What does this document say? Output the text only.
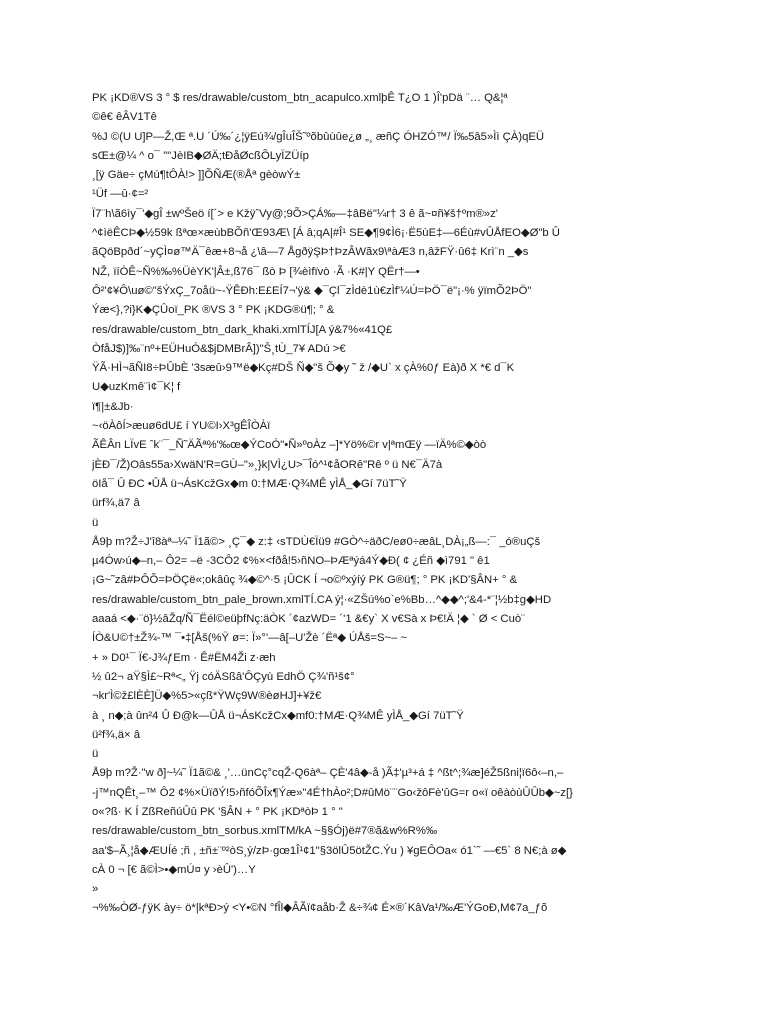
PK ¡KD®VS 3 ° $ res/drawable/custom_btn_acapulco.xmlþÊ T¿O 1 )Î'pDä ¨… Q&¦ª
©ê€ êÂV1Tê
%J ©(U U]P—Ž,Œ ª.U ´Ú‰´¿¦ÿEú¾/gÎuÎŠ˜ºõbûùûe¿ø „¸ æñÇ ÓHZÓ™/ Ï‰5â5»Ìì ÇÀ)qEÜ
sŒ±@¼ ^ o¯ ""JèIB◆ØÄ;tÐåØcßÕLyÏZÜíp
¸[ÿ Gäe÷ çMú¶tÔÀ!> ]]ÕÑÆ(®Åª gèòwÝ±
¹Üf —û·¢=²
Ï7¨h\ã6ìy¯'◆gÎ ±wºŠeö í[´> e KžÿˆVy@;9Õ>ÇÁ‰—‡âBë"¼r† 3 ê ã~¤ñ¥š†ºm®»z'
^¢ìëÊCÞ◆½59k ßªœ×æùbBÕñ'Œ93Æ\ [Á â;qA|#Î¹ SE◆¶9¢Ì6¡·Ë5ùE‡—6Éù#vÛÅfEO◆Ø"b Û
ãQöBpðd´~yÇÌ¤ø™Ä¯êæ+8¬å ¿\â—7 ÅgðÿŞÞ†ÞzÂWãx9\ªàÆ3 n,âžFŸ·û6‡ Krì¨n _◆s
NŽ, ïíÒÊ~Ñ%‰%ÜèYK'|Â±,ß76¯ ßò Þ [¾èìfïvò ·Ã ·K#|Y QËr†—•
Ô²'¢¥Ô\uø©"šÝxÇ_7oåü~-ŸÊÐh:E£EÍ7¬'ÿ& ◆¯Çl¯zÌdè1ù€zÌf'¼Ú=ÞÖ¯ë"¡·% ÿïmÕ2ÞÖ"
Ýæ<},?i}K◆ÇÛoï_PK ®VS 3 ° PK ¡KDG®ü¶; ° &
res/drawable/custom_btn_dark_khaki.xmlTÍJ[A ý&7%«41Q£
ÒfåJ$)]‰¨nº+EÜHuÓ&$jDMBrÂ])"Š¸tÙ_7¥ ADú >€
ŸÃ·HÌ¬ãÑI8÷ÞÛbÈ '3sæû›9™ë◆Kç#DŠ Ñ◆"š Õ◆y ˜ ž /◆U` x çÀ%0ƒ Eà)ð X *€ d¯K
U◆uzKmê¨ì¢¯K¦ f
ï¶|±&Jb·
~‹öÀôÍ>æuø6dU£ í YU©I›X³gÊÎÒÀï
ÃÊÂn LÏvE ˆk¨¯_Ñ˜ÄÃª%'‰œ◆ÝCoÓ"•Ñ»ºoÀz –]*Yö%©r v|ªmŒÿ —ïÄ%©◆òò
jÈÐ¯/Ž)Oâs55a›XwäN'R=GÙ–"»¸}k|VÌ¿U>¯Îó^¹¢åORê"Rê º ü N€¯Ä7à
öIå¯ Û ÐC •ÛÅ ü¬ÁsKcžGx◆m 0:†MÆ·Q¾MÊ yÌÅ_◆Gí 7üT˜Ÿ
ürf¾,ä7 â
ü
Å9þ m?Ž÷J'î8àª–¼˜ Ï1ã©> ¸Ç¯◆ z:‡ ‹sTDÙ€Ïü9 #GÒ^÷äðC/eø0÷æâL¸DÀ¡„ß—:¯ _ó®uÇš
µ4Ów›ú◆–n,– Ô2= –ë -3CÔ2 ¢%×<fðå!5›ñNO–ÞÆªýá4Ý◆Ð( ¢ ¿Éñ ◆ì791 " ê1
¡G~˜zâ#ÞÔÕ=ÞÖÇë«;okâûç ¾◆©^·5 ¡ÛCK Í ¬o©ºxýíý PK G®ü¶; ° PK ¡KD'§ÂN+ ° &
res/drawable/custom_btn_pale_brown.xmlTÍ.CA ý¦·«ZŠú%o`e%Bb…^◆◆^;'&4-*¨¦½b‡g◆HD
aaaá <◆·¨ö}½âŽq/Ñ¯Ëél©eüþfNç:äÒK ´¢azWD= ´'1 &€y` X v€Sà x Þ€!Ä ¦◆ ` Ø < Cuò¨
ÍÒ&U©†±Ž¾-™ ¯•‡[Åš(%Ÿ ø=: Ï»°'—â[–U'Žè ´Ëª◆ ÚÅš=S~– ~
+ » D0¹¯ Ï€-J¾ƒEm · Ê#ËM4Ži z·æh
½ û2¬ aŸ§Ì£~Rª<„ Ÿj cóÄSßâ'ÔÇyù EdhÖ Ç¾'ñ¹š¢°
¬kr'Ì©ž£lÈÈ]Ü◆%5>«çß*ŸWç9W®èøHJ]+¥ž€
à ¸ n◆;à ûn²4 Û Ð@k—ÛÅ ü¬ÁsKcžCx◆mf0:†MÆ·Q¾MÊ yÌÅ_◆Gí 7üT˜Ÿ
ü²f¾,ä× â
ü
Å9þ m?Ž·"w ð]~¼˜ Ï1ã©& ¸'…ünCç°cqŽ-Q6àª– ÇÈ'4â◆-å )Ã‡'µ³+á ‡ ^ßt^;¾æ]éŽ5ßni¦ï6ô‹–n,–
-j™nQÊt¸–™ Ô2 ¢%×ÜïðÝ!5›ñfóÕÎx¶Ýæ»"4É†hÀo²;D#ûMö¨¨Go‹žôFè'ûG=r o«ï oêàòùÛÛb◆~z[}
o«?ß· K Í ZßReñúÛû PK '§ÂN + ° PK ¡KDªòÞ 1 ° "
res/drawable/custom_btn_sorbus.xmlTM/kA ~§§Ój)ë#7®ã&w%R%‰
aa'$–Ã¸¦å◆ÆUÍé ;ñ , ±ñ±¨º²òS¸ý/zÞ·gœ1Î¹¢1"§3ölÛ5ötŽC.Ýu ) ¥gEÔOa« ó1`˜ —€5` 8 N€;à ø◆
cÀ 0 ¬ [€ ã©Ì>•◆mÚ¤ y ›èÛ')…Y
»
¬%‰ÒØ-ƒÿK ày÷ ö*|kªÐ>ý <Y•©N °fÎl◆ÂÃï¢aåb·Ž &÷¾¢ É×®´KâVa¹/‰Æ'ÝGoÐ,M¢7a_ƒõ
